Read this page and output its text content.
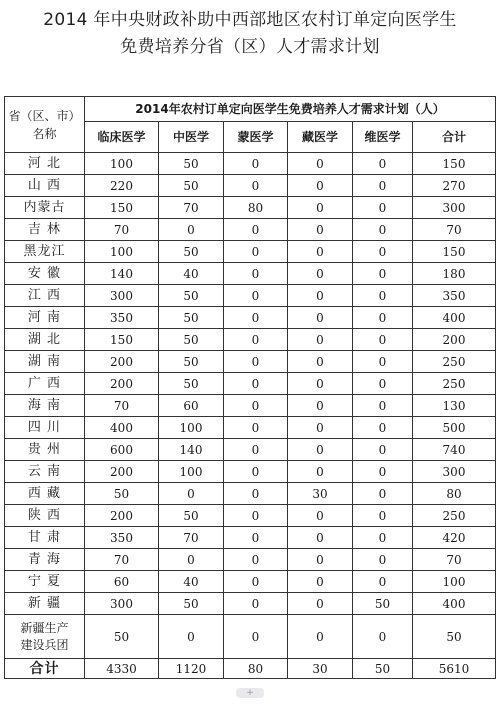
2014 年中央财政补助中西部地区农村订单定向医学生
免费培养分省（区）人才需求计划
省（区、市）
名称	2014年农村订单定向医学生免费培养人才需求计划（人）					
	临床医学	中医学	蒙医学	藏医学	维医学	合计
河 北	100	50	0	0	0	150
山 西	220	50	0	0	0	270
内蒙古	150	70	80	0	0	300
吉 林	70	0	0	0	0	70
黑龙江	100	50	0	0	0	150
安 徽	140	40	0	0	0	180
江 西	300	50	0	0	0	350
河 南	350	50	0	0	0	400
湖 北	150	50	0	0	0	200
湖 南	200	50	0	0	0	250
广 西	200	50	0	0	0	250
海 南	70	60	0	0	0	130
四 川	400	100	0	0	0	500
贵 州	600	140	0	0	0	740
云 南	200	100	0	0	0	300
西 藏	50	0	0	30	0	80
陕 西	200	50	0	0	0	250
甘 肃	350	70	0	0	0	420
青 海	70	0	0	0	0	70
宁 夏	60	40	0	0	0	100
新 疆	300	50	0	0	50	400

新疆生产
建设兵团	50	0	0	0	0	50
合计	4330	1120	80	30	50	5610
+
